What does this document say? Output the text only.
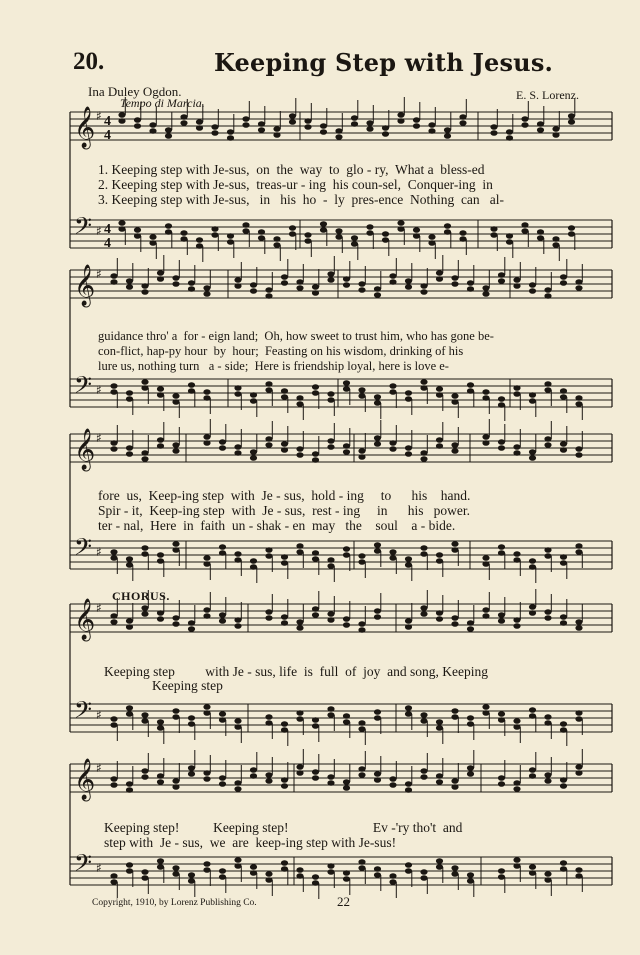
20.	Keeping Step with Jesus.
Ina Duley Ogdon.
Tempo di Marcia.
E. S. Lorenz.
𝄞 ♯ 4
4
𝄢 ♯ 4
4
𝄞 ♯
𝄢 ♯
𝄞 ♯
𝄢 ♯
𝄞 ♯
𝄢 ♯
𝄞 ♯
𝄢 ♯
1. Keeping step with Je-sus,  on  the  way  to  glo - ry,  What a  bless-ed
2. Keeping step with Je-sus,  treas-ur - ing  his coun-sel,  Conquer-ing  in
3. Keeping step with Je-sus,   in   his  ho  -  ly  pres-ence  Nothing  can   al-
guidance thro' a  for - eign land;  Oh, how sweet to trust him, who has gone be-
con-flict, hap-py hour  by  hour;  Feasting on his wisdom, drinking of his
lure us, nothing turn   a - side;  Here is friendship loyal, here is love e-
fore  us,  Keep-ing step  with  Je - sus,  hold - ing     to      his    hand.
Spir - it,  Keep-ing step  with  Je - sus,  rest - ing     in      his   power.
ter - nal,  Here  in  faith  un - shak - en  may   the    soul    a - bide.
CHORUS.
Keeping step         with Je - sus, life  is  full  of  joy  and song, Keeping
Keeping step
Keeping step!          Keeping step!                         Ev -'ry tho't  and
step with  Je - sus,  we  are  keep-ing step with Je-sus!
Copyright, 1910, by Lorenz Publishing Co.	22
